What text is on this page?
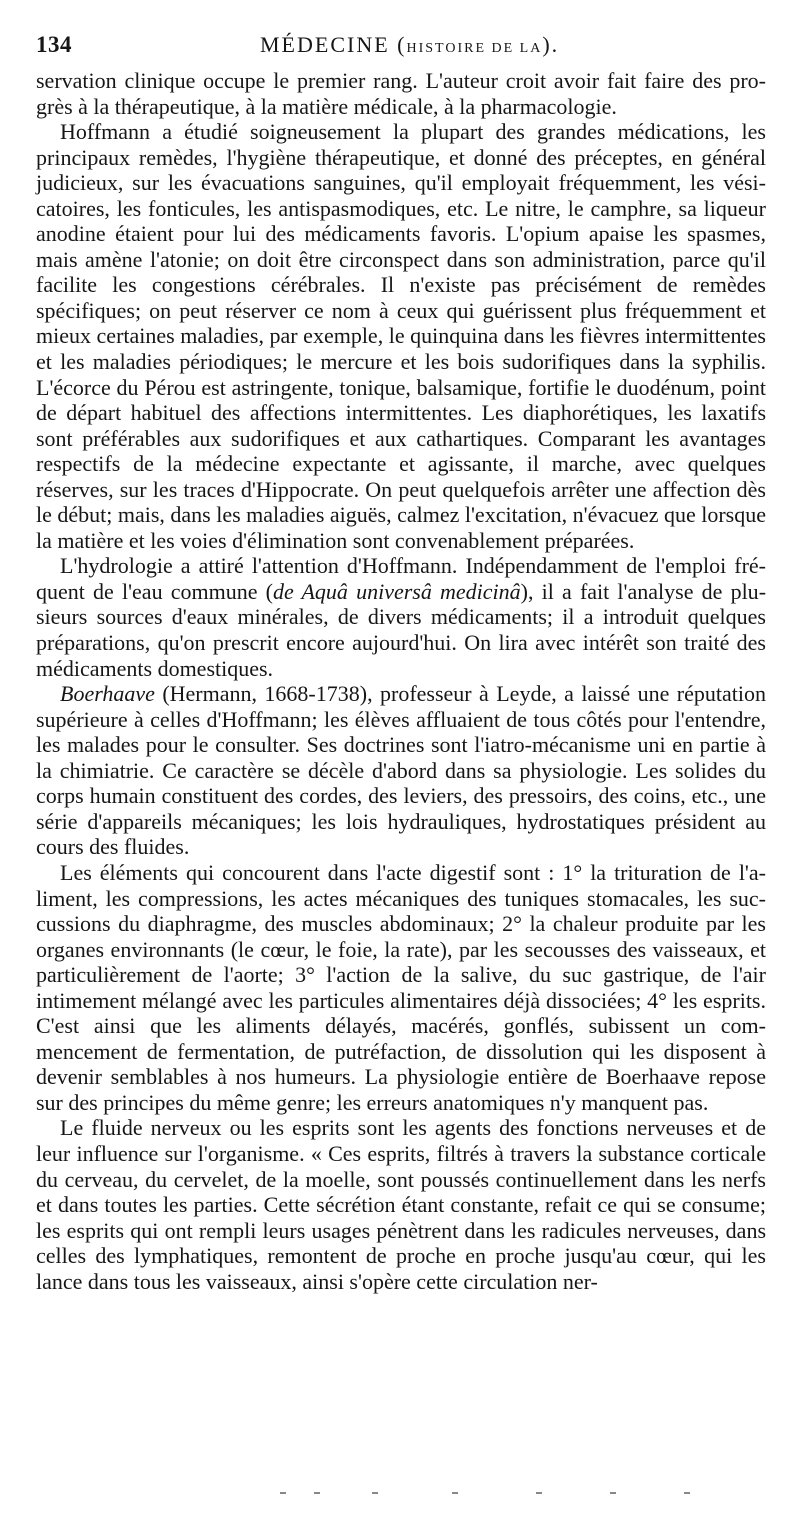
134	MÉDECINE (HISTOIRE DE LA).

servation clinique occupe le premier rang. L'auteur croit avoir fait faire des progrès à la thérapeutique, à la matière médicale, à la pharmacologie.

Hoffmann a étudié soigneusement la plupart des grandes médications, les principaux remèdes, l'hygiène thérapeutique, et donné des préceptes, en général judicieux, sur les évacuations sanguines, qu'il employait fréquemment, les vésicatoires, les fonticules, les antispasmodiques, etc. Le nitre, le camphre, sa liqueur anodine étaient pour lui des médicaments favoris. L'opium apaise les spasmes, mais amène l'atonie; on doit être circonspect dans son administration, parce qu'il facilite les congestions cérébrales. Il n'existe pas précisément de remèdes spécifiques; on peut réserver ce nom à ceux qui guérissent plus fréquemment et mieux certaines maladies, par exemple, le quinquina dans les fièvres intermittentes et les maladies périodiques; le mercure et les bois sudorifiques dans la syphilis. L'écorce du Pérou est astringente, tonique, balsamique, fortifie le duodénum, point de départ habituel des affections intermittentes. Les diaphorétiques, les laxatifs sont préférables aux sudorifiques et aux cathartiques. Comparant les avantages respectifs de la médecine expectante et agissante, il marche, avec quelques réserves, sur les traces d'Hippocrate. On peut quelquefois arrêter une affection dès le début; mais, dans les maladies aiguës, calmez l'excitation, n'évacuez que lorsque la matière et les voies d'élimination sont convenablement préparées.

L'hydrologie a attiré l'attention d'Hoffmann. Indépendamment de l'emploi fréquent de l'eau commune (de Aquâ universâ medicinâ), il a fait l'analyse de plusieurs sources d'eaux minérales, de divers médicaments; il a introduit quelques préparations, qu'on prescrit encore aujourd'hui. On lira avec intérêt son traité des médicaments domestiques.

Boerhaave (Hermann, 1668-1738), professeur à Leyde, a laissé une réputation supérieure à celles d'Hoffmann; les élèves affluaient de tous côtés pour l'entendre, les malades pour le consulter. Ses doctrines sont l'iatro-mécanisme uni en partie à la chimiatrie. Ce caractère se décèle d'abord dans sa physiologie. Les solides du corps humain constituent des cordes, des leviers, des pressoirs, des coins, etc., une série d'appareils mécaniques; les lois hydrauliques, hydrostatiques président au cours des fluides.

Les éléments qui concourent dans l'acte digestif sont : 1° la trituration de l'aliment, les compressions, les actes mécaniques des tuniques stomacales, les succussions du diaphragme, des muscles abdominaux; 2° la chaleur produite par les organes environnants (le cœur, le foie, la rate), par les secousses des vaisseaux, et particulièrement de l'aorte; 3° l'action de la salive, du suc gastrique, de l'air intimement mélangé avec les particules alimentaires déjà dissociées; 4° les esprits. C'est ainsi que les aliments délayés, macérés, gonflés, subissent un commencement de fermentation, de putréfaction, de dissolution qui les disposent à devenir semblables à nos humeurs. La physiologie entière de Boerhaave repose sur des principes du même genre; les erreurs anatomiques n'y manquent pas.

Le fluide nerveux ou les esprits sont les agents des fonctions nerveuses et de leur influence sur l'organisme. « Ces esprits, filtrés à travers la substance corticale du cerveau, du cervelet, de la moelle, sont poussés continuellement dans les nerfs et dans toutes les parties. Cette sécrétion étant constante, refait ce qui se consume; les esprits qui ont rempli leurs usages pénètrent dans les radicules nerveuses, dans celles des lymphatiques, remontent de proche en proche jusqu'au cœur, qui les lance dans tous les vaisseaux, ainsi s'opère cette circulation ner-
